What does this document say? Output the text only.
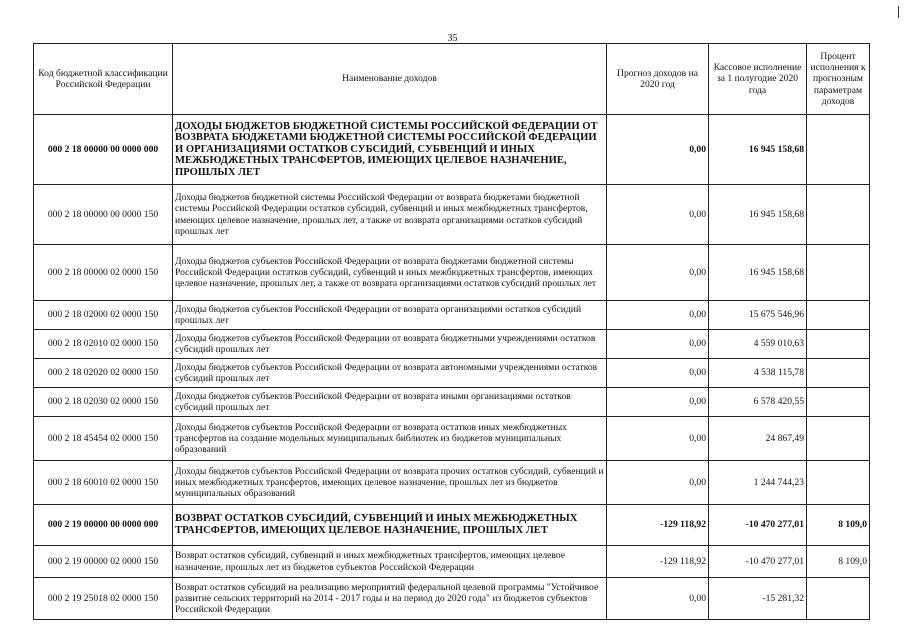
35
Код бюджетной классификации Российской Федерации	Наименование доходов	Прогноз доходов на 2020 год	Кассовое исполнение за 1 полугодие 2020 года	Процент исполнения к прогнозным параметрам доходов
000 2 18 00000 00 0000 000	ДОХОДЫ БЮДЖЕТОВ БЮДЖЕТНОЙ СИСТЕМЫ РОССИЙСКОЙ ФЕДЕРАЦИИ ОТ ВОЗВРАТА БЮДЖЕТАМИ БЮДЖЕТНОЙ СИСТЕМЫ РОССИЙСКОЙ ФЕДЕРАЦИИ И ОРГАНИЗАЦИЯМИ ОСТАТКОВ СУБСИДИЙ, СУБВЕНЦИЙ И ИНЫХ МЕЖБЮДЖЕТНЫХ ТРАНСФЕРТОВ, ИМЕЮЩИХ ЦЕЛЕВОЕ НАЗНАЧЕНИЕ, ПРОШЛЫХ ЛЕТ	0,00	16 945 158,68	
000 2 18 00000 00 0000 150	Доходы бюджетов бюджетной системы Российской Федерации от возврата бюджетами бюджетной системы Российской Федерации остатков субсидий, субвенций и иных межбюджетных трансфертов, имеющих целевое назначение, прошлых лет, а также от возврата организациями остатков субсидий прошлых лет	0,00	16 945 158,68	
000 2 18 00000 02 0000 150	Доходы бюджетов субъектов Российской Федерации от возврата бюджетами бюджетной системы Российской Федерации остатков субсидий, субвенций и иных межбюджетных трансфертов, имеющих целевое назначение, прошлых лет, а также от возврата организациями остатков субсидий прошлых лет	0,00	16 945 158,68	
000 2 18 02000 02 0000 150	Доходы бюджетов субъектов Российской Федерации от возврата организациями остатков субсидий прошлых лет	0,00	15 675 546,96	
000 2 18 02010 02 0000 150	Доходы бюджетов субъектов Российской Федерации от возврата бюджетными учреждениями остатков субсидий прошлых лет	0,00	4 559 010,63	
000 2 18 02020 02 0000 150	Доходы бюджетов субъектов Российской Федерации от возврата автономными учреждениями остатков субсидий прошлых лет	0,00	4 538 115,78	
000 2 18 02030 02 0000 150	Доходы бюджетов субъектов Российской Федерации от возврата иными организациями остатков субсидий прошлых лет	0,00	6 578 420,55	
000 2 18 45454 02 0000 150	Доходы бюджетов субъектов Российской Федерации от возврата остатков иных межбюджетных трансфертов на создание модельных муниципальных библиотек из бюджетов муниципальных образований	0,00	24 867,49	
000 2 18 60010 02 0000 150	Доходы бюджетов субъектов Российской Федерации от возврата прочих остатков субсидий, субвенций и иных межбюджетных трансфертов, имеющих целевое назначение, прошлых лет из бюджетов муниципальных образований	0,00	1 244 744,23	
000 2 19 00000 00 0000 000	ВОЗВРАТ ОСТАТКОВ СУБСИДИЙ, СУБВЕНЦИЙ И ИНЫХ МЕЖБЮДЖЕТНЫХ ТРАНСФЕРТОВ, ИМЕЮЩИХ ЦЕЛЕВОЕ НАЗНАЧЕНИЕ, ПРОШЛЫХ ЛЕТ	-129 118,92	-10 470 277,01	8 109,0
000 2 19 00000 02 0000 150	Возврат остатков субсидий, субвенций и иных межбюджетных трансфертов, имеющих целевое назначение, прошлых лет из бюджетов субъектов Российской Федерации	-129 118,92	-10 470 277,01	8 109,0
000 2 19 25018 02 0000 150	Возврат остатков субсидий на реализацию мероприятий федеральной целевой программы "Устойчивое развитие сельских территорий на 2014 - 2017 годы и на период до 2020 года" из бюджетов субъектов Российской Федерации	0,00	-15 281,32	
